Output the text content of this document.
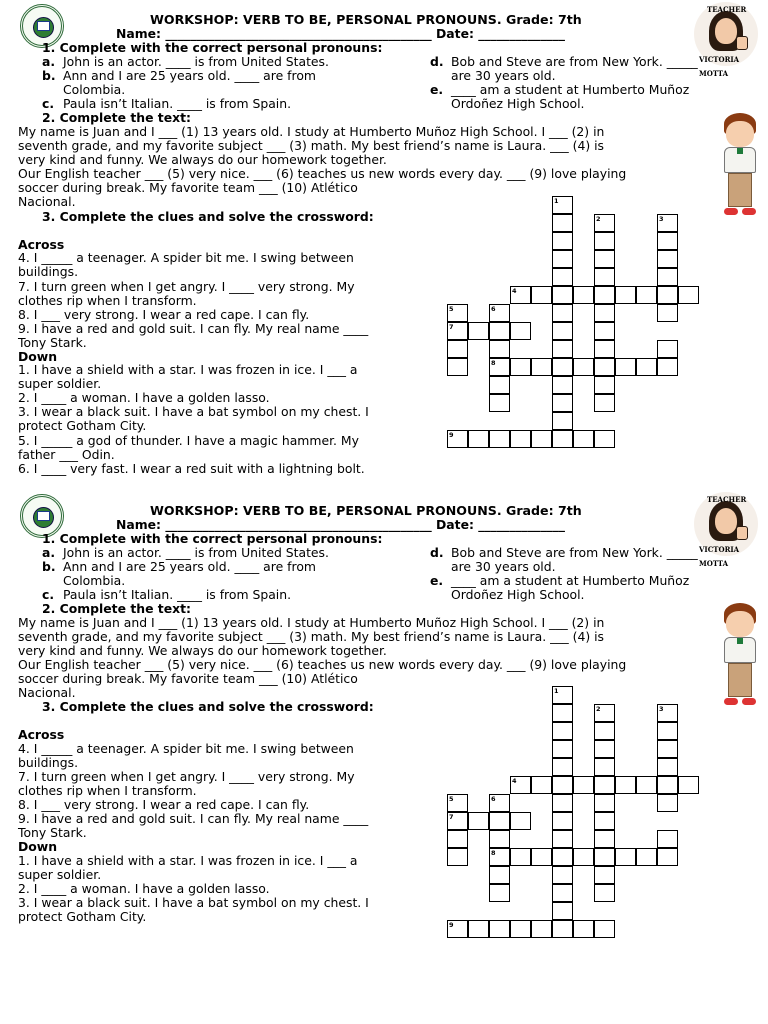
TEACHER
VICTORIA MOTTA
WORKSHOP: VERB TO BE, PERSONAL PRONOUNS. Grade: 7th
Name: ___________________________________________ Date: ______________
1. Complete with the correct personal pronouns:
a. John is an actor. ____ is from United States.
b. Ann and I are 25 years old. ____ are from
Colombia.
c. Paula isn’t Italian. ____ is from Spain.
d. Bob and Steve are from New York. _____
are 30 years old.
e. ____ am a student at Humberto Muñoz
Ordoñez High School.
2. Complete the text:
My name is Juan and I ___ (1) 13 years old. I study at Humberto Muñoz High School. I ___ (2) in
seventh grade, and my favorite subject ___ (3) math. My best friend’s name is Laura. ___ (4) is
very kind and funny. We always do our homework together.
Our English teacher ___ (5) very nice. ___ (6) teaches us new words every day. ___ (9) love playing
soccer during break. My favorite team ___ (10) Atlético
Nacional.
3. Complete the clues and solve the crossword:
Across
4. I _____ a teenager. A spider bit me. I swing between
buildings.
7. I turn green when I get angry. I ____ very strong. My
clothes rip when I transform.
8. I ___ very strong. I wear a red cape. I can fly.
9. I have a red and gold suit. I can fly. My real name ____
Tony Stark.
Down
1. I have a shield with a star. I was frozen in ice. I ___ a
super soldier.
2. I ____ a woman. I have a golden lasso.
3. I wear a black suit. I have a bat symbol on my chest. I
protect Gotham City.
5. I _____ a god of thunder. I have a magic hammer. My
father ___ Odin.
6. I ____ very fast. I wear a red suit with a lightning bolt.
1
2	3
4
5	6
7
8
9
TEACHER
VICTORIA MOTTA
WORKSHOP: VERB TO BE, PERSONAL PRONOUNS. Grade: 7th
Name: ___________________________________________ Date: ______________
1. Complete with the correct personal pronouns:
a. John is an actor. ____ is from United States.
b. Ann and I are 25 years old. ____ are from
Colombia.
c. Paula isn’t Italian. ____ is from Spain.
d. Bob and Steve are from New York. _____
are 30 years old.
e. ____ am a student at Humberto Muñoz
Ordoñez High School.
2. Complete the text:
My name is Juan and I ___ (1) 13 years old. I study at Humberto Muñoz High School. I ___ (2) in
seventh grade, and my favorite subject ___ (3) math. My best friend’s name is Laura. ___ (4) is
very kind and funny. We always do our homework together.
Our English teacher ___ (5) very nice. ___ (6) teaches us new words every day. ___ (9) love playing
soccer during break. My favorite team ___ (10) Atlético
Nacional.
3. Complete the clues and solve the crossword:
Across
4. I _____ a teenager. A spider bit me. I swing between
buildings.
7. I turn green when I get angry. I ____ very strong. My
clothes rip when I transform.
8. I ___ very strong. I wear a red cape. I can fly.
9. I have a red and gold suit. I can fly. My real name ____
Tony Stark.
Down
1. I have a shield with a star. I was frozen in ice. I ___ a
super soldier.
2. I ____ a woman. I have a golden lasso.
3. I wear a black suit. I have a bat symbol on my chest. I
protect Gotham City.
1
2	3
4
5	6
7
8
9
